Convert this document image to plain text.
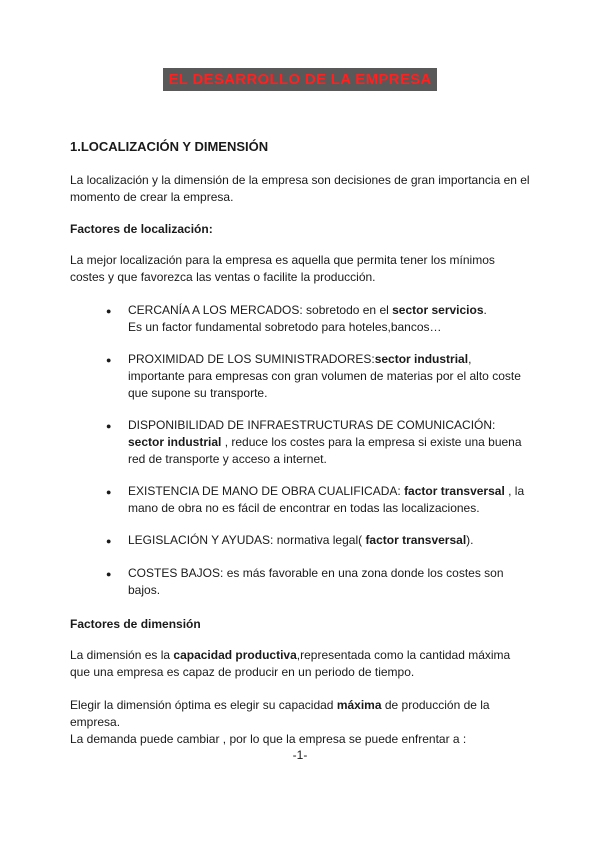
EL DESARROLLO DE LA EMPRESA
1.LOCALIZACIÓN Y DIMENSIÓN

La localización y la dimensión de la empresa son decisiones de gran importancia en el momento de crear la empresa.

Factores de localización:

La mejor localización para la empresa es aquella que permita tener los mínimos costes y que favorezca las ventas o facilite la producción.

●	CERCANÍA A LOS MERCADOS: sobretodo en el sector servicios.
Es un factor fundamental sobretodo para hoteles,bancos…
●	PROXIMIDAD DE LOS SUMINISTRADORES:sector industrial, importante para empresas con gran volumen de materias por el alto coste que supone su transporte.
●	DISPONIBILIDAD DE INFRAESTRUCTURAS DE COMUNICACIÓN: sector industrial , reduce los costes para la empresa si existe una buena red de transporte y acceso a internet.
●	EXISTENCIA DE MANO DE OBRA CUALIFICADA: factor transversal , la mano de obra no es fácil de encontrar en todas las localizaciones.
●	LEGISLACIÓN Y AYUDAS: normativa legal( factor transversal).
●	COSTES BAJOS: es más favorable en una zona donde los costes son bajos.
Factores de dimensión

La dimensión es la capacidad productiva,representada como la cantidad máxima que una empresa es capaz de producir en un periodo de tiempo.

Elegir la dimensión óptima es elegir su capacidad máxima de producción de la empresa.
La demanda puede cambiar , por lo que la empresa se puede enfrentar a :

-1-
